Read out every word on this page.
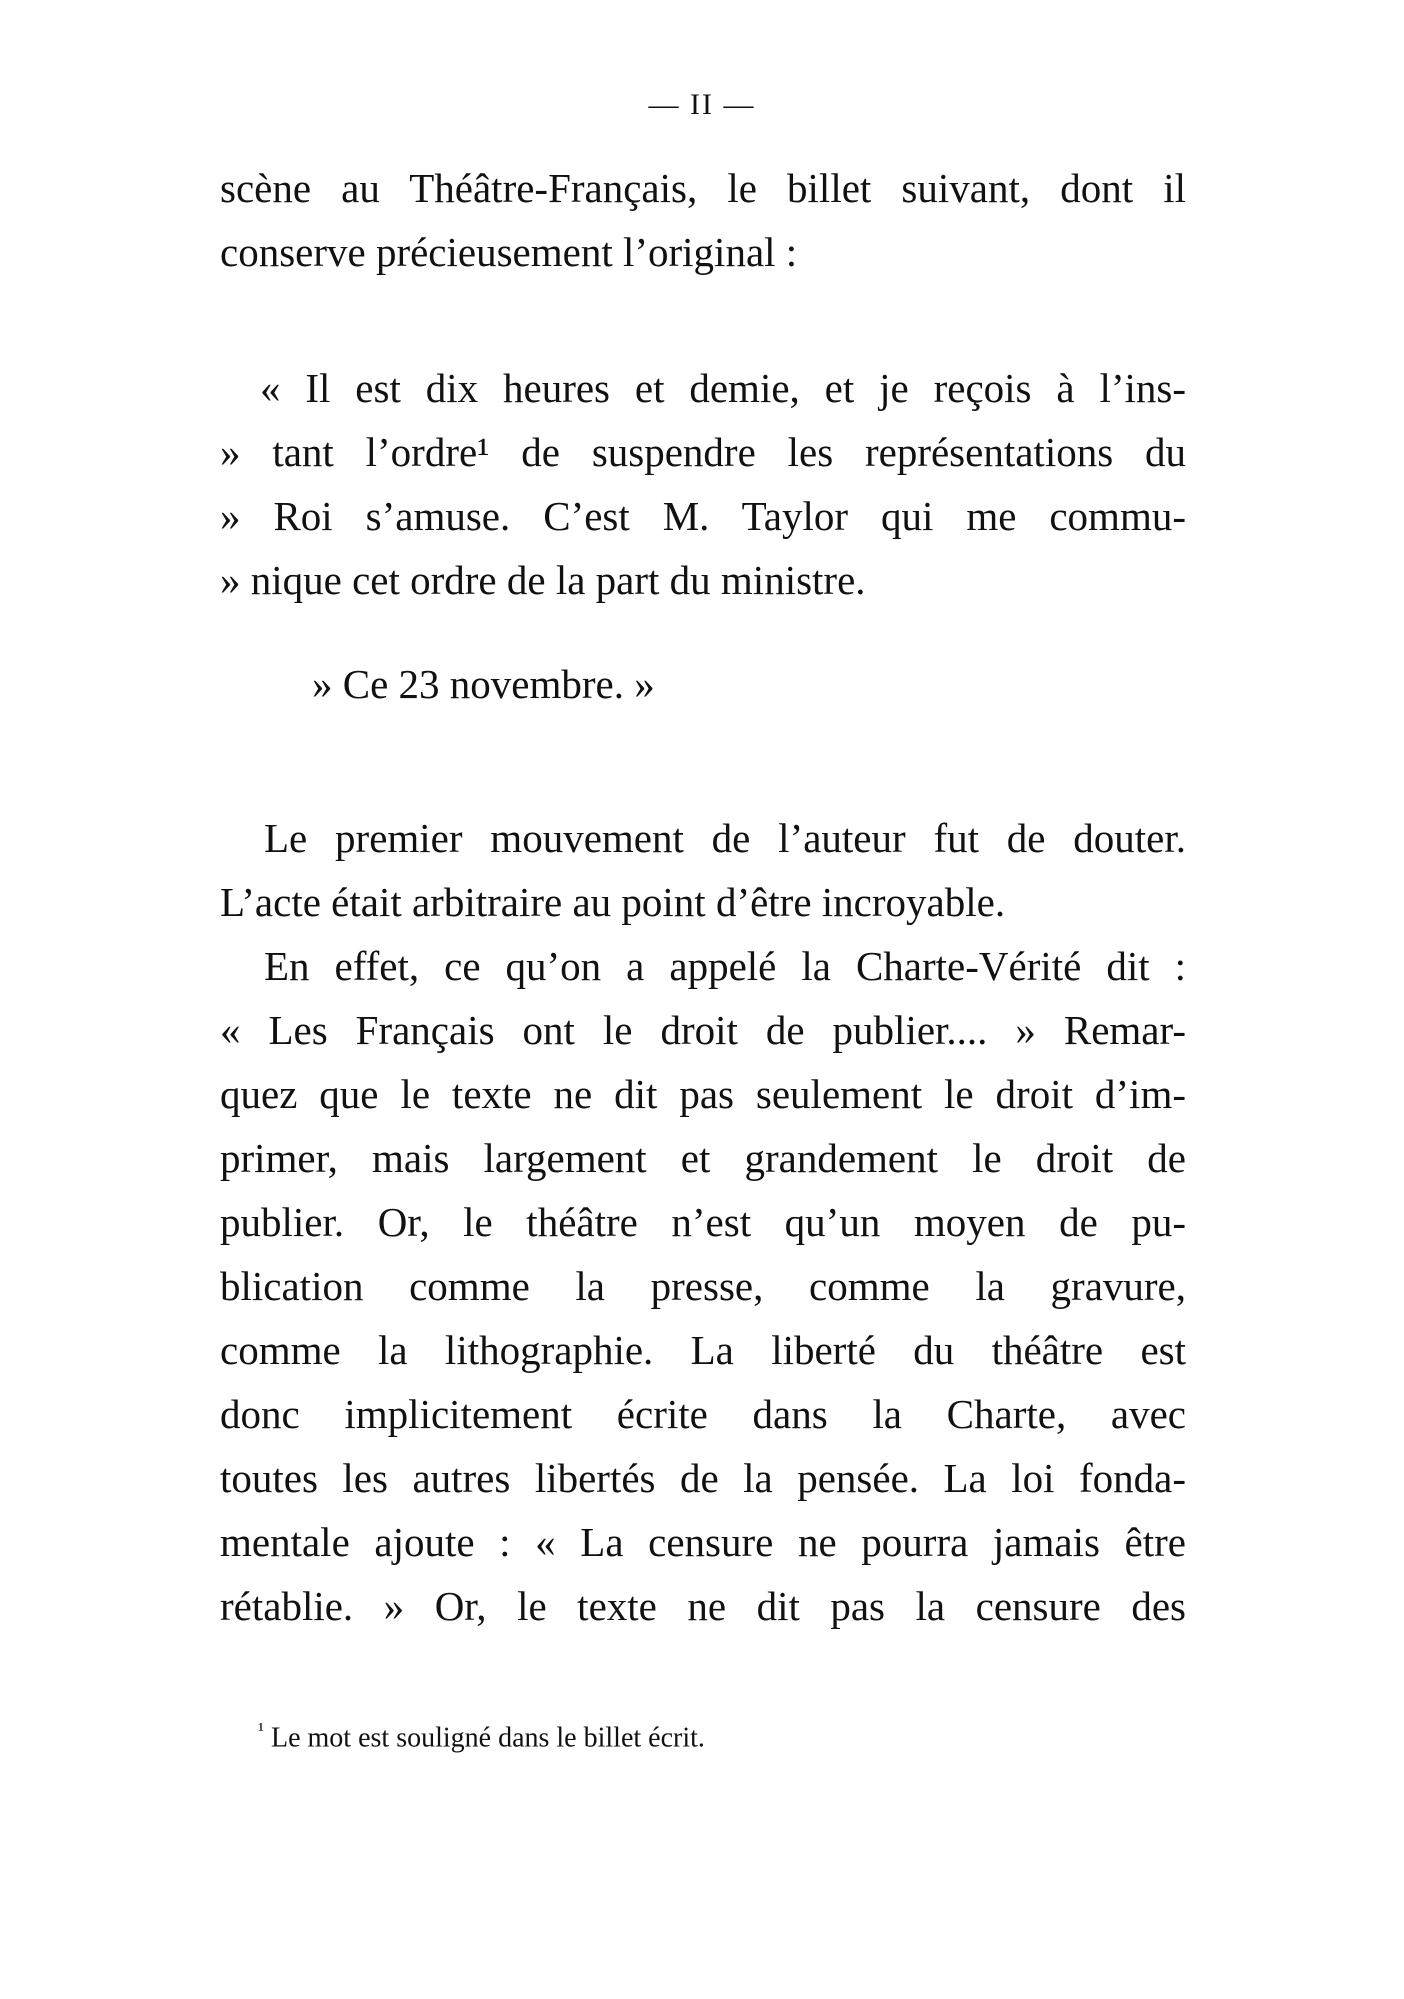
— II —
scène au Théâtre-Français, le billet suivant, dont il
conserve précieusement l’original :
« Il est dix heures et demie, et je reçois à l’ins-
» tant l’ordre¹ de suspendre les représentations du
» Roi s’amuse. C’est M. Taylor qui me commu-
» nique cet ordre de la part du ministre.
» Ce 23 novembre. »
Le premier mouvement de l’auteur fut de douter.
L’acte était arbitraire au point d’être incroyable.
En effet, ce qu’on a appelé la Charte-Vérité dit :
« Les Français ont le droit de publier.... » Remar-
quez que le texte ne dit pas seulement le droit d’im-
primer, mais largement et grandement le droit de
publier. Or, le théâtre n’est qu’un moyen de pu-
blication comme la presse, comme la gravure,
comme la lithographie. La liberté du théâtre est
donc implicitement écrite dans la Charte, avec
toutes les autres libertés de la pensée. La loi fonda-
mentale ajoute : « La censure ne pourra jamais être
rétablie. » Or, le texte ne dit pas la censure des
$^{^1}$ Le mot est souligné dans le billet écrit.
